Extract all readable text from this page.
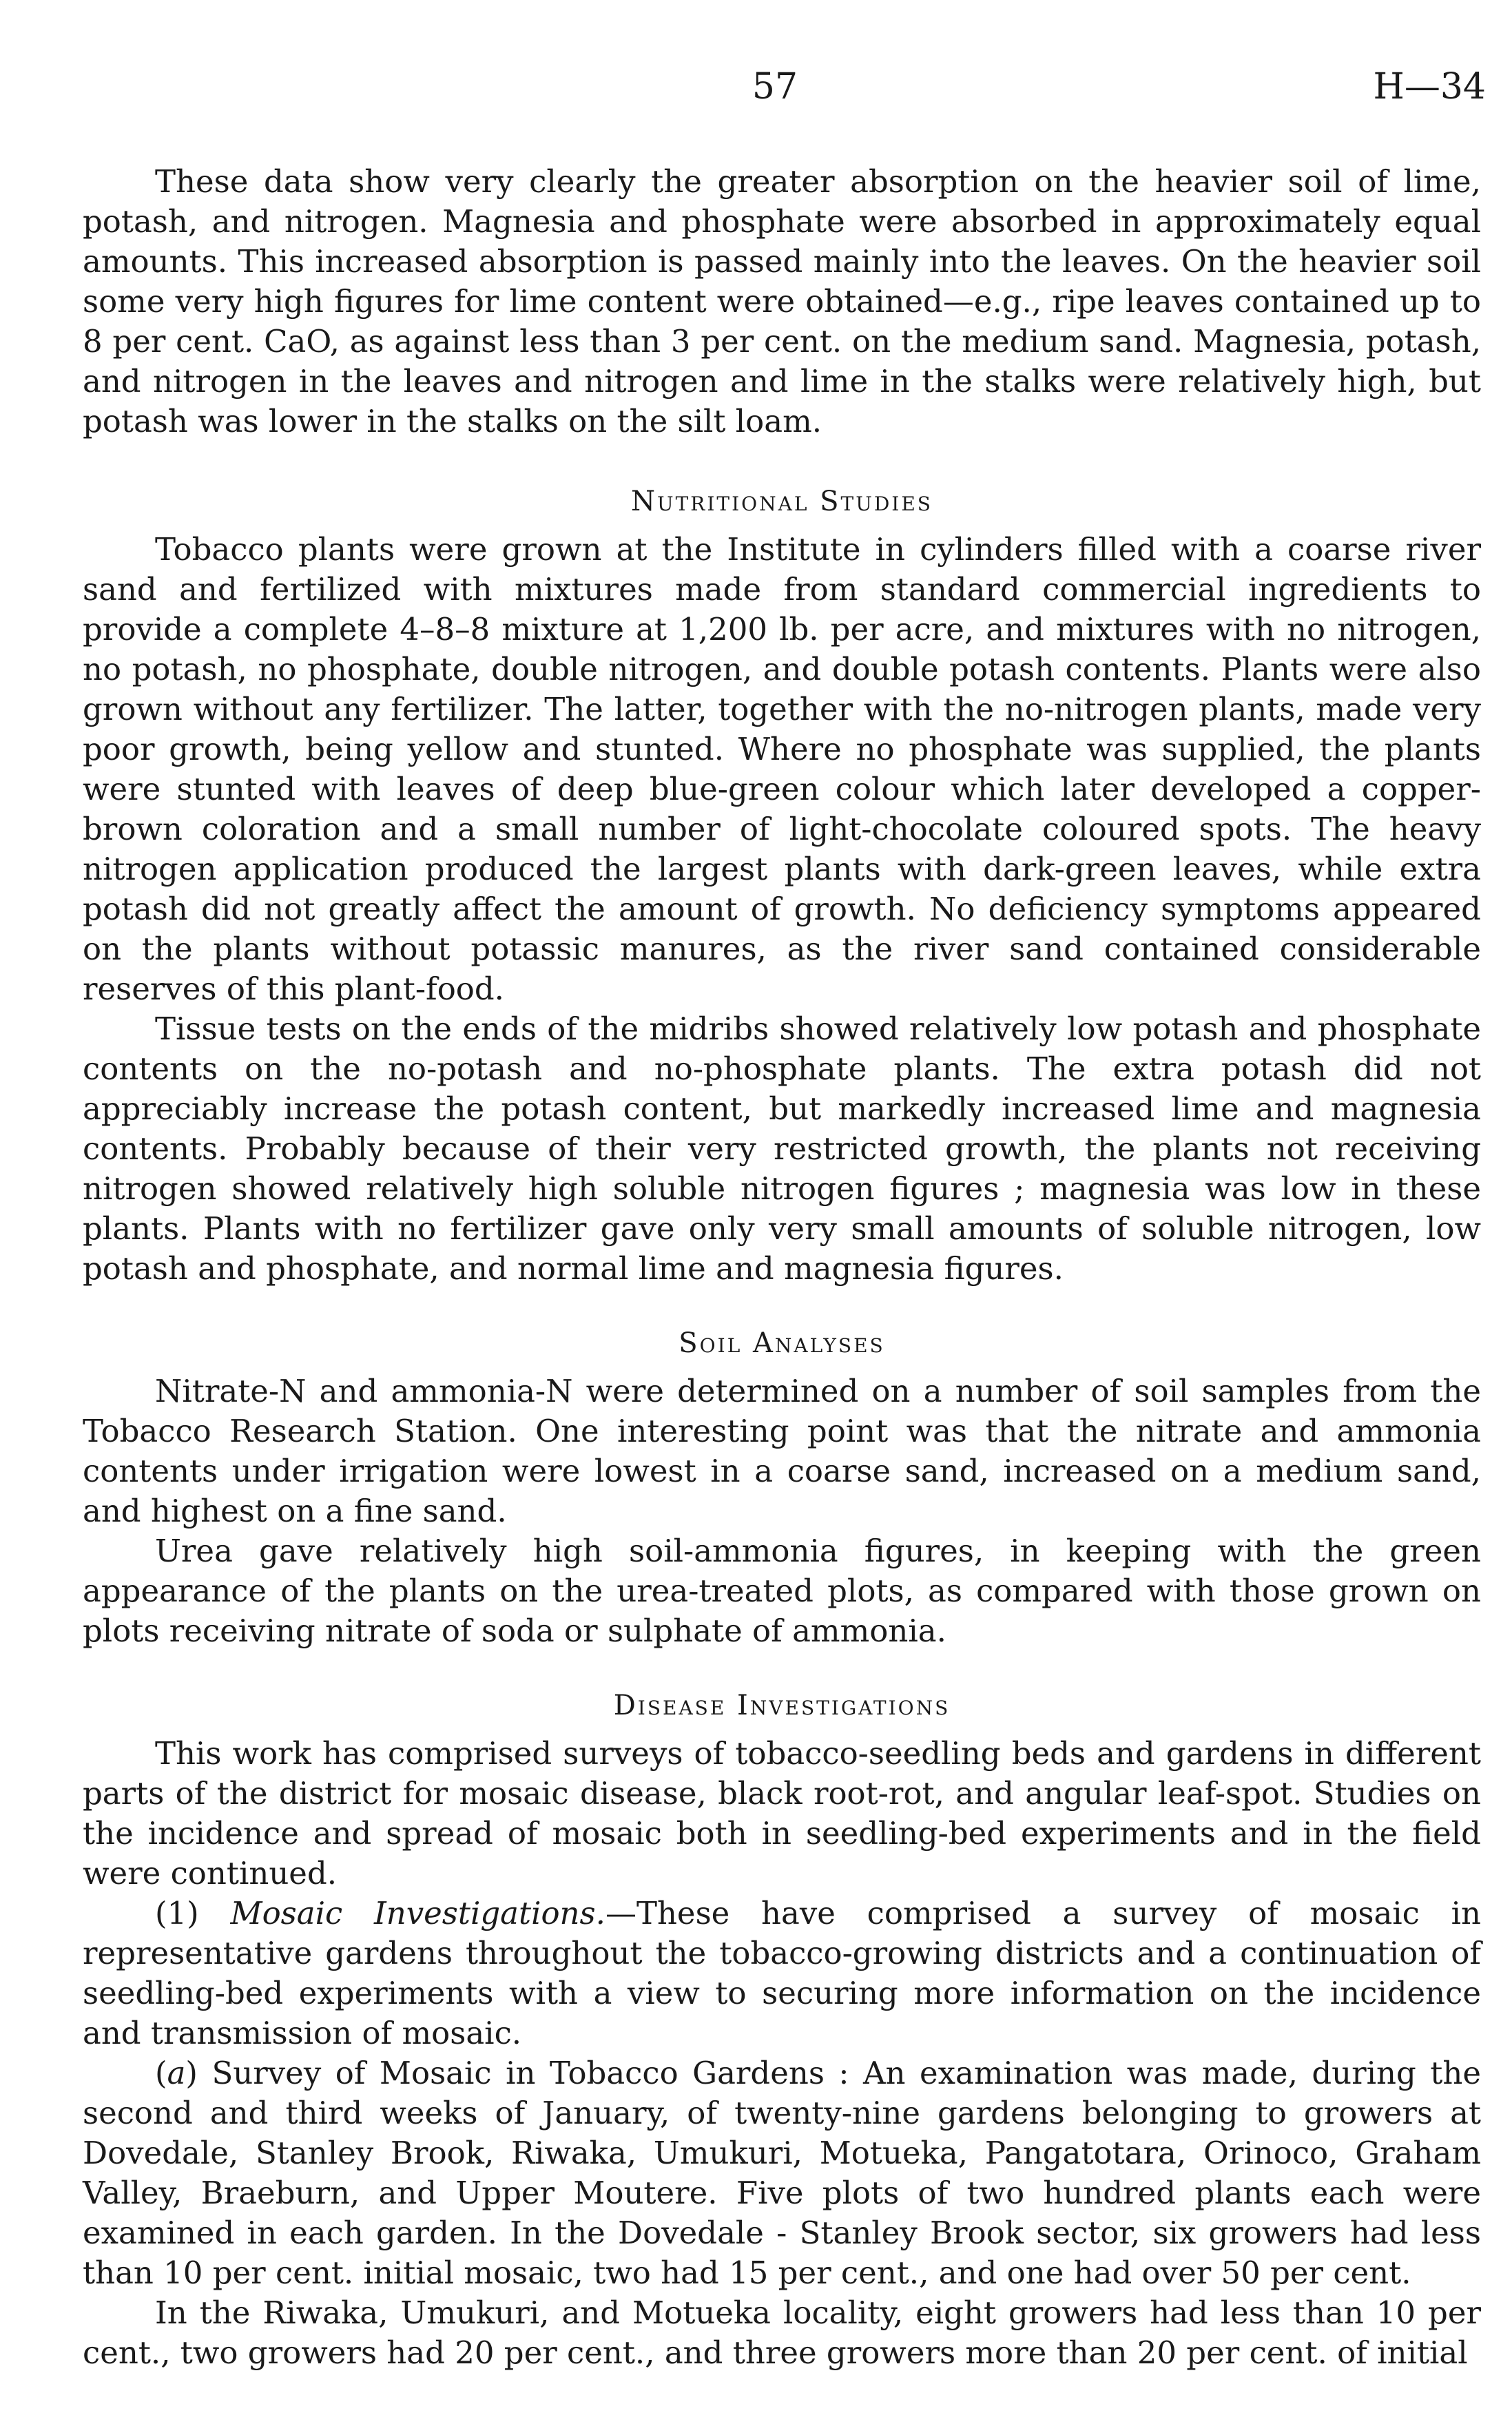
57	H—34

These data show very clearly the greater absorption on the heavier soil of lime, potash, and nitrogen. Magnesia and phosphate were absorbed in approximately equal amounts. This increased absorption is passed mainly into the leaves. On the heavier soil some very high figures for lime content were obtained—e.g., ripe leaves contained up to 8 per cent. CaO, as against less than 3 per cent. on the medium sand. Magnesia, potash, and nitrogen in the leaves and nitrogen and lime in the stalks were relatively high, but potash was lower in the stalks on the silt loam.

Nutritional Studies

Tobacco plants were grown at the Institute in cylinders filled with a coarse river sand and fertilized with mixtures made from standard commercial ingredients to provide a complete 4–8–8 mixture at 1,200 lb. per acre, and mixtures with no nitrogen, no potash, no phosphate, double nitrogen, and double potash contents. Plants were also grown without any fertilizer. The latter, together with the no-nitrogen plants, made very poor growth, being yellow and stunted. Where no phosphate was supplied, the plants were stunted with leaves of deep blue-green colour which later developed a copper-brown coloration and a small number of light-chocolate coloured spots. The heavy nitrogen application produced the largest plants with dark-green leaves, while extra potash did not greatly affect the amount of growth. No deficiency symptoms appeared on the plants without potassic manures, as the river sand contained considerable reserves of this plant-food.

Tissue tests on the ends of the midribs showed relatively low potash and phosphate contents on the no-potash and no-phosphate plants. The extra potash did not appreciably increase the potash content, but markedly increased lime and magnesia contents. Probably because of their very restricted growth, the plants not receiving nitrogen showed relatively high soluble nitrogen figures ; magnesia was low in these plants. Plants with no fertilizer gave only very small amounts of soluble nitrogen, low potash and phosphate, and normal lime and magnesia figures.

Soil Analyses

Nitrate-N and ammonia-N were determined on a number of soil samples from the Tobacco Research Station. One interesting point was that the nitrate and ammonia contents under irrigation were lowest in a coarse sand, increased on a medium sand, and highest on a fine sand.

Urea gave relatively high soil-ammonia figures, in keeping with the green appearance of the plants on the urea-treated plots, as compared with those grown on plots receiving nitrate of soda or sulphate of ammonia.

Disease Investigations

This work has comprised surveys of tobacco-seedling beds and gardens in different parts of the district for mosaic disease, black root-rot, and angular leaf-spot. Studies on the incidence and spread of mosaic both in seedling-bed experiments and in the field were continued.

(1) Mosaic Investigations.—These have comprised a survey of mosaic in representative gardens throughout the tobacco-growing districts and a continuation of seedling-bed experiments with a view to securing more information on the incidence and transmission of mosaic.

(a) Survey of Mosaic in Tobacco Gardens : An examination was made, during the second and third weeks of January, of twenty-nine gardens belonging to growers at Dovedale, Stanley Brook, Riwaka, Umukuri, Motueka, Pangatotara, Orinoco, Graham Valley, Braeburn, and Upper Moutere. Five plots of two hundred plants each were examined in each garden. In the Dovedale - Stanley Brook sector, six growers had less than 10 per cent. initial mosaic, two had 15 per cent., and one had over 50 per cent.

In the Riwaka, Umukuri, and Motueka locality, eight growers had less than 10 per cent., two growers had 20 per cent., and three growers more than 20 per cent. of initial
